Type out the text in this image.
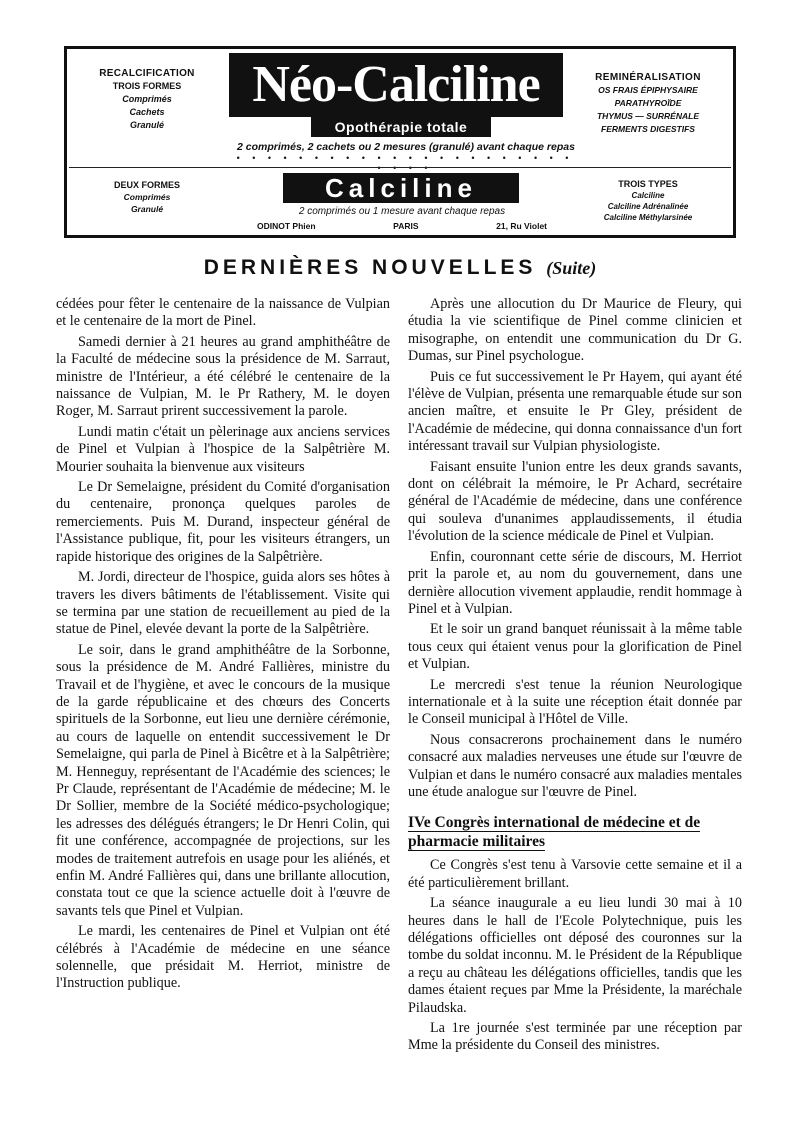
RECALCIFICATION
TROIS FORMES
Comprimés
Cachets
Granulé
Néo-Calciline
Opothérapie totale
2 comprimés, 2 cachets ou 2 mesures (granulé) avant chaque repas
• • • • • • • • • • • • • • • • • • • • • • • • • •
REMINÉRALISATION
OS FRAIS ÉPIPHYSAIRE
PARATHYROÏDE
THYMUS — SURRÉNALE
FERMENTS DIGESTIFS
DEUX FORMES
Comprimés
Granulé
Calciline
2 comprimés ou 1 mesure avant chaque repas
ODINOT Phien	PARIS	21, Ru Violet
TROIS TYPES
Calciline
Calciline Adrénalinée
Calciline Méthylarsinée
DERNIÈRES NOUVELLES (Suite)

cédées pour fêter le centenaire de la naissance de Vulpian et le centenaire de la mort de Pinel.

Samedi dernier à 21 heures au grand amphithéâtre de la Faculté de médecine sous la présidence de M. Sarraut, ministre de l'Intérieur, a été célébré le centenaire de la naissance de Vulpian, M. le Pr Rathery, M. le doyen Roger, M. Sarraut prirent successivement la parole.

Lundi matin c'était un pèlerinage aux anciens services de Pinel et Vulpian à l'hospice de la Salpêtrière M. Mourier souhaita la bienvenue aux visiteurs

Le Dr Semelaigne, président du Comité d'organisation du centenaire, prononça quelques paroles de remerciements. Puis M. Durand, inspecteur général de l'Assistance publique, fit, pour les visiteurs étrangers, un rapide historique des origines de la Salpêtrière.

M. Jordi, directeur de l'hospice, guida alors ses hôtes à travers les divers bâtiments de l'établissement. Visite qui se termina par une station de recueillement au pied de la statue de Pinel, elevée devant la porte de la Salpêtrière.

Le soir, dans le grand amphithéâtre de la Sorbonne, sous la présidence de M. André Fallières, ministre du Travail et de l'hygiène, et avec le concours de la musique de la garde républicaine et des chœurs des Concerts spirituels de la Sorbonne, eut lieu une dernière cérémonie, au cours de laquelle on entendit successivement le Dr Semelaigne, qui parla de Pinel à Bicêtre et à la Salpêtrière; M. Henneguy, représentant de l'Académie des sciences; le Pr Claude, représentant de l'Académie de médecine; M. le Dr Sollier, membre de la Société médico-psychologique; les adresses des délégués étrangers; le Dr Henri Colin, qui fit une conférence, accompagnée de projections, sur les modes de traitement autrefois en usage pour les aliénés, et enfin M. André Fallières qui, dans une brillante allocution, constata tout ce que la science actuelle doit à l'œuvre de savants tels que Pinel et Vulpian.

Le mardi, les centenaires de Pinel et Vulpian ont été célébrés à l'Académie de médecine en une séance solennelle, que présidait M. Herriot, ministre de l'Instruction publique.

Après une allocution du Dr Maurice de Fleury, qui étudia la vie scientifique de Pinel comme clinicien et misographe, on entendit une communication du Dr G. Dumas, sur Pinel psychologue.

Puis ce fut successivement le Pr Hayem, qui ayant été l'élève de Vulpian, présenta une remarquable étude sur son ancien maître, et ensuite le Pr Gley, président de l'Académie de médecine, qui donna connaissance d'un fort intéressant travail sur Vulpian physiologiste.

Faisant ensuite l'union entre les deux grands savants, dont on célébrait la mémoire, le Pr Achard, secrétaire général de l'Académie de médecine, dans une conférence qui souleva d'unanimes applaudissements, il étudia l'évolution de la science médicale de Pinel et Vulpian.

Enfin, couronnant cette série de discours, M. Herriot prit la parole et, au nom du gouvernement, dans une dernière allocution vivement applaudie, rendit hommage à Pinel et à Vulpian.

Et le soir un grand banquet réunissait à la même table tous ceux qui étaient venus pour la glorification de Pinel et Vulpian.

Le mercredi s'est tenue la réunion Neurologique internationale et à la suite une réception était donnée par le Conseil municipal à l'Hôtel de Ville.

Nous consacrerons prochainement dans le numéro consacré aux maladies nerveuses une étude sur l'œuvre de Vulpian et dans le numéro consacré aux maladies mentales une étude analogue sur l'œuvre de Pinel.

IVe Congrès international de médecine et de pharmacie militaires

Ce Congrès s'est tenu à Varsovie cette semaine et il a été particulièrement brillant.

La séance inaugurale a eu lieu lundi 30 mai à 10 heures dans le hall de l'Ecole Polytechnique, puis les délégations officielles ont déposé des couronnes sur la tombe du soldat inconnu. M. le Président de la République a reçu au château les délégations officielles, tandis que les dames étaient reçues par Mme la Présidente, la maréchale Pilaudska.

La 1re journée s'est terminée par une réception par Mme la présidente du Conseil des ministres.
